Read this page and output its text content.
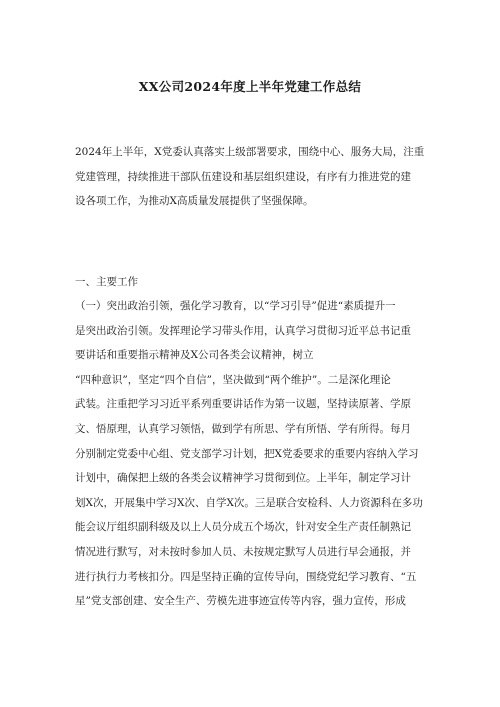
XX公司2024年度上半年党建工作总结
2024年上半年，X党委认真落实上级部署要求，围绕中心、服务大局，注重
党建管理，持续推进干部队伍建设和基层组织建设，有序有力推进党的建
设各项工作，为推动X高质量发展提供了坚强保障。
一、主要工作
（一）突出政治引领，强化学习教育，以“学习引导”促进“素质提升一
是突出政治引领。发挥理论学习带头作用，认真学习贯彻习近平总书记重
要讲话和重要指示精神及X公司各类会议精神，树立
“四种意识”，坚定“四个自信”，坚决做到“两个维护”。二是深化理论
武装。注重把学习习近平系列重要讲话作为第一议题，坚持读原著、学原
文、悟原理，认真学习领悟，做到学有所思、学有所悟、学有所得。每月
分别制定党委中心组、党支部学习计划，把X党委要求的重要内容纳入学习
计划中，确保把上级的各类会议精神学习贯彻到位。上半年，制定学习计
划X次，开展集中学习X次、自学X次。三是联合安检科、人力资源科在多功
能会议厅组织副科级及以上人员分成五个场次，针对安全生产责任制熟记
情况进行默写，对未按时参加人员、未按规定默写人员进行早会通报，并
进行执行力考核扣分。四是坚持正确的宣传导向，围绕党纪学习教育、“五
星”党支部创建、安全生产、劳模先进事迹宣传等内容，强力宣传，形成
